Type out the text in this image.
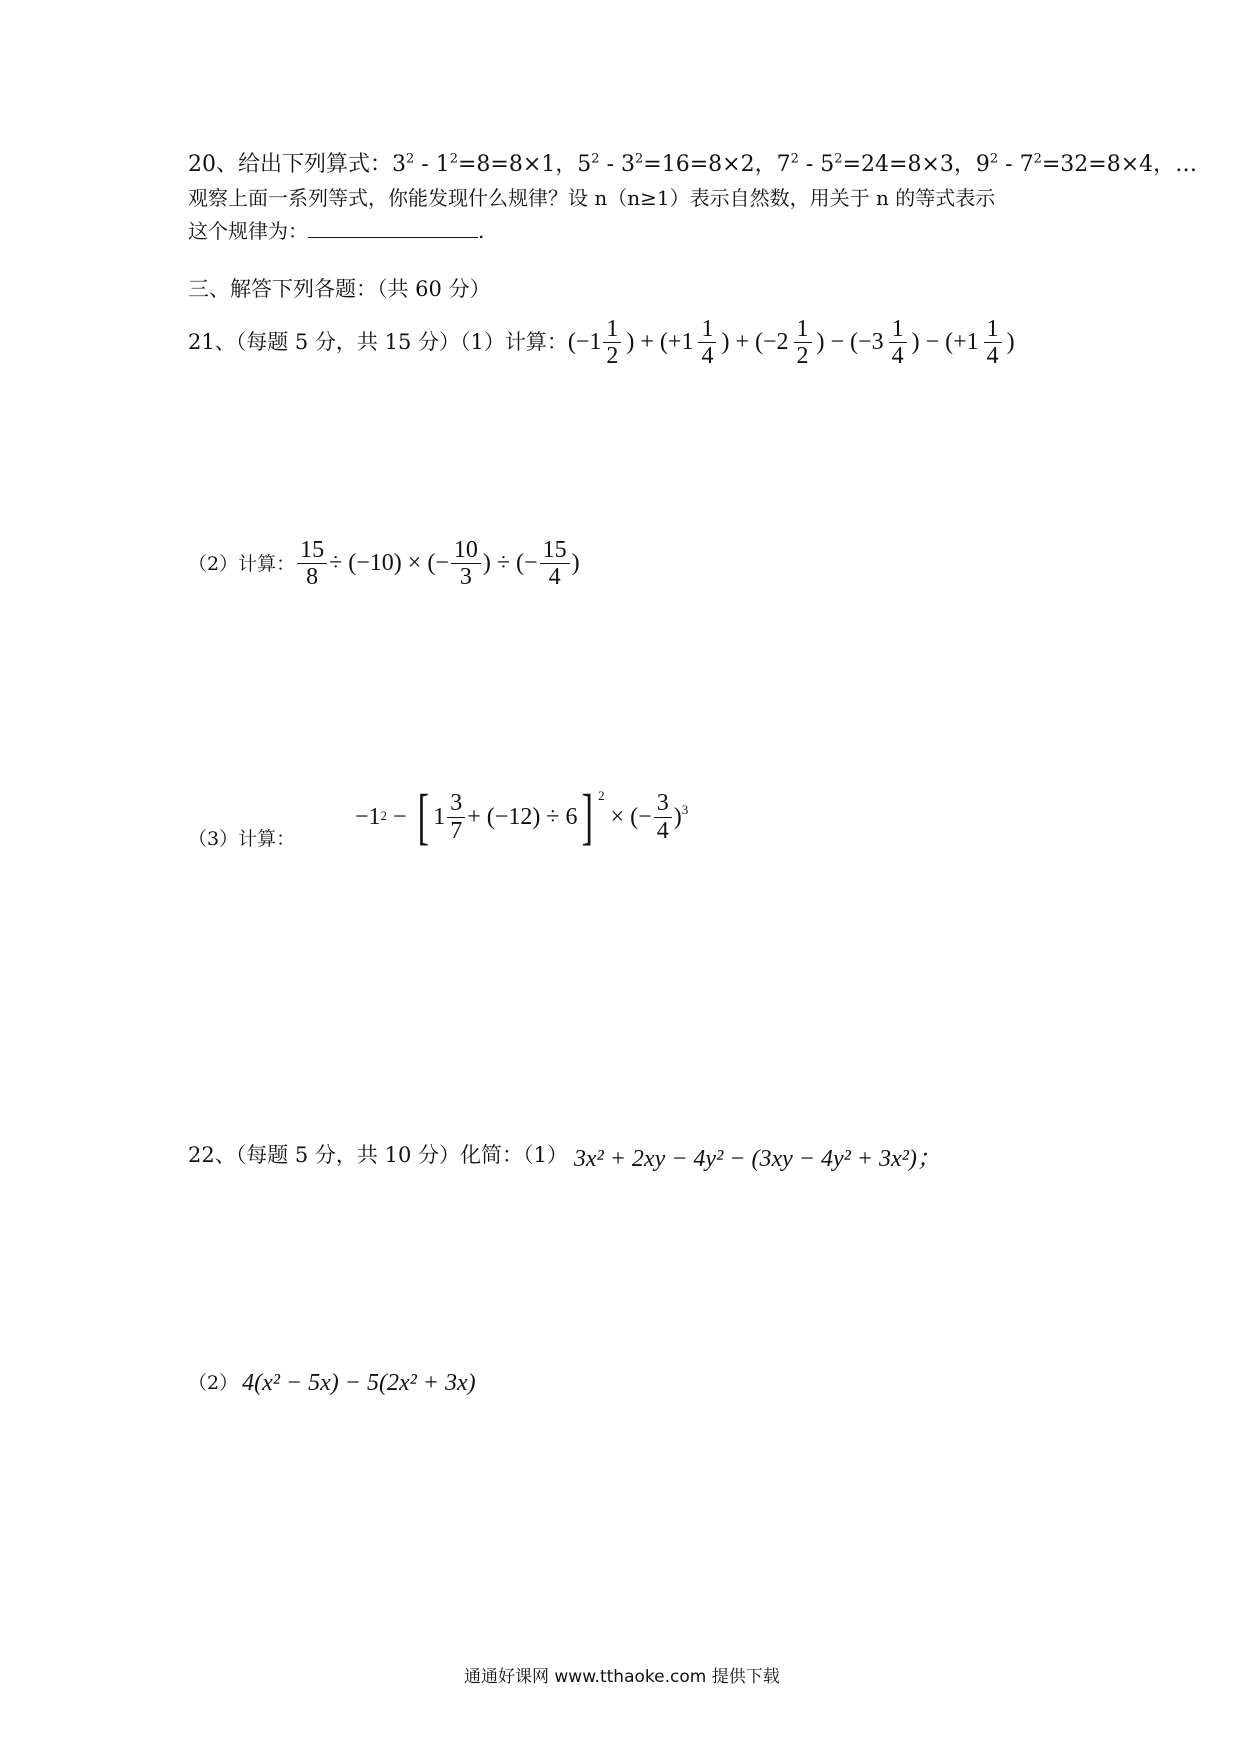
20、给出下列算式：$3^2 - 1^2=8=8\times 1$，$5^2 - 3^2=16=8\times 2$，$7^2 - 5^2=24=8\times 3$，$9^2 - 7^2=32=8\times 4$，…
观察上面一系列等式，你能发现什么规律？设 n（n≥1）表示自然数，用关于 n 的等式表示
这个规律为：	.
三、解答下列各题：（共 60 分）
21、（每题 5 分，共 15 分）（1）计算： ($-1 \frac{1}{2}$ ) + ($+1 \frac{1}{4}$ ) + ($-2 \frac{1}{2}$ ) − ($-3 \frac{1}{4}$ ) − ($+1 \frac{1}{4}$ )
（2）计算： $\frac{15}{8} \div (-10)$ × (− $\frac{10}{3}$ ) ÷ (− $\frac{15}{4}$ )
（3）计算：
−1 2 − [ $1 \frac{3}{7} + (-12) \div 6$ ] $^2$
× (− $\frac{3}{4} )^3$
22、（每题 5 分，共 10 分）化简：（1） 3x² + 2xy − 4y² − (3xy − 4y² + 3x²)；
（2） 4(x² − 5x) − 5(2x² + 3x)
通通好课网 www.tthaoke.com 提供下载
